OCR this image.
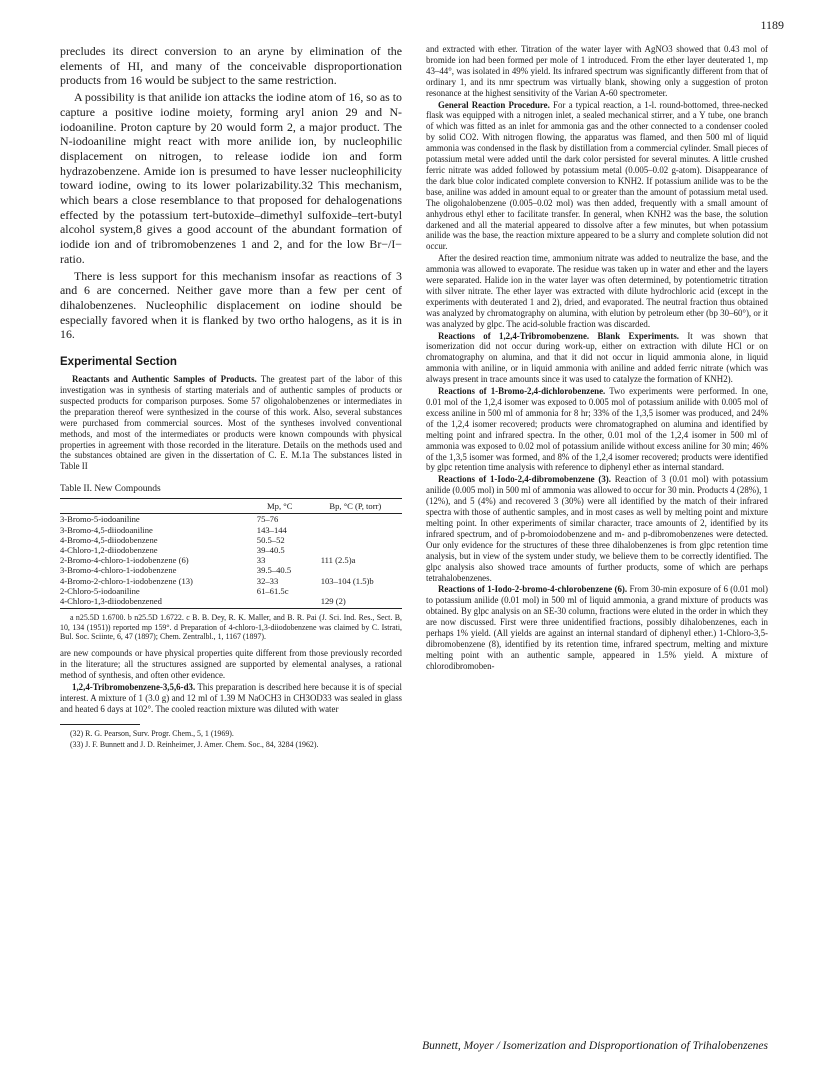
1189

precludes its direct conversion to an aryne by elimination of the elements of HI, and many of the conceivable disproportionation products from 16 would be subject to the same restriction.

A possibility is that anilide ion attacks the iodine atom of 16, so as to capture a positive iodine moiety, forming aryl anion 29 and N-iodoaniline. Proton capture by 20 would form 2, a major product. The N-iodoaniline might react with more anilide ion, by nucleophilic displacement on nitrogen, to release iodide ion and form hydrazobenzene. Amide ion is presumed to have lesser nucleophilicity toward iodine, owing to its lower polarizability.32 This mechanism, which bears a close resemblance to that proposed for dehalogenations effected by the potassium tert-butoxide–dimethyl sulfoxide–tert-butyl alcohol system,8 gives a good account of the abundant formation of iodide ion and of tribromobenzenes 1 and 2, and for the low Br−/I− ratio.

There is less support for this mechanism insofar as reactions of 3 and 6 are concerned. Neither gave more than a few per cent of dihalobenzenes. Nucleophilic displacement on iodine should be especially favored when it is flanked by two ortho halogens, as it is in 16.

Experimental Section

Reactants and Authentic Samples of Products. The greatest part of the labor of this investigation was in synthesis of starting materials and of authentic samples of products or suspected products for comparison purposes. Some 57 oligohalobenzenes or intermediates in the preparation thereof were synthesized in the course of this work. Also, several substances were purchased from commercial sources. Most of the syntheses involved conventional methods, and most of the intermediates or products were known compounds with physical properties in agreement with those recorded in the literature. Details on the methods used and the substances obtained are given in the dissertation of C. E. M.1a The substances listed in Table II

Table II. New Compounds
	Mp, °C	Bp, °C (P, torr)
3-Bromo-5-iodoaniline	75–76	
3-Bromo-4,5-diiodoaniline	143–144	
4-Bromo-4,5-diiodobenzene	50.5–52	
4-Chloro-1,2-diiodobenzene	39–40.5	
2-Bromo-4-chloro-1-iodobenzene (6)	33	111 (2.5)a
3-Bromo-4-chloro-1-iodobenzene	39.5–40.5	
4-Bromo-2-chloro-1-iodobenzene (13)	32–33	103–104 (1.5)b
2-Chloro-5-iodoaniline	61–61.5c	
4-Chloro-1,3-diiodobenzened		129 (2)

a n25.5D 1.6700. b n25.5D 1.6722. c B. B. Dey, R. K. Maller, and B. R. Pai (J. Sci. Ind. Res., Sect. B, 10, 134 (1951)) reported mp 159°. d Preparation of 4-chloro-1,3-diiodobenzene was claimed by C. Istrati, Bul. Soc. Sciinte, 6, 47 (1897); Chem. Zentralbl., 1, 1167 (1897).

are new compounds or have physical properties quite different from those previously recorded in the literature; all the structures assigned are supported by elemental analyses, a rational method of synthesis, and often other evidence.

1,2,4-Tribromobenzene-3,5,6-d3. This preparation is described here because it is of special interest. A mixture of 1 (3.0 g) and 12 ml of 1.39 M NaOCH3 in CH3OD33 was sealed in glass and heated 6 days at 102°. The cooled reaction mixture was diluted with water

(32) R. G. Pearson, Surv. Progr. Chem., 5, 1 (1969).

(33) J. F. Bunnett and J. D. Reinheimer, J. Amer. Chem. Soc., 84, 3284 (1962).

and extracted with ether. Titration of the water layer with AgNO3 showed that 0.43 mol of bromide ion had been formed per mole of 1 introduced. From the ether layer deuterated 1, mp 43–44°, was isolated in 49% yield. Its infrared spectrum was significantly different from that of ordinary 1, and its nmr spectrum was virtually blank, showing only a suggestion of proton resonance at the highest sensitivity of the Varian A-60 spectrometer.

General Reaction Procedure. For a typical reaction, a 1-l. round-bottomed, three-necked flask was equipped with a nitrogen inlet, a sealed mechanical stirrer, and a Y tube, one branch of which was fitted as an inlet for ammonia gas and the other connected to a condenser cooled by solid CO2. With nitrogen flowing, the apparatus was flamed, and then 500 ml of liquid ammonia was condensed in the flask by distillation from a commercial cylinder. Small pieces of potassium metal were added until the dark color persisted for several minutes. A little crushed ferric nitrate was added followed by potassium metal (0.005–0.02 g-atom). Disappearance of the dark blue color indicated complete conversion to KNH2. If potassium anilide was to be the base, aniline was added in amount equal to or greater than the amount of potassium metal used. The oligohalobenzene (0.005–0.02 mol) was then added, frequently with a small amount of anhydrous ethyl ether to facilitate transfer. In general, when KNH2 was the base, the solution darkened and all the material appeared to dissolve after a few minutes, but when potassium anilide was the base, the reaction mixture appeared to be a slurry and complete solution did not occur.

After the desired reaction time, ammonium nitrate was added to neutralize the base, and the ammonia was allowed to evaporate. The residue was taken up in water and ether and the layers were separated. Halide ion in the water layer was often determined, by potentiometric titration with silver nitrate. The ether layer was extracted with dilute hydrochloric acid (except in the experiments with deuterated 1 and 2), dried, and evaporated. The neutral fraction thus obtained was analyzed by chromatography on alumina, with elution by petroleum ether (bp 30–60°), or it was analyzed by glpc. The acid-soluble fraction was discarded.

Reactions of 1,2,4-Tribromobenzene. Blank Experiments. It was shown that isomerization did not occur during work-up, either on extraction with dilute HCl or on chromatography on alumina, and that it did not occur in liquid ammonia alone, in liquid ammonia with aniline, or in liquid ammonia with aniline and added ferric nitrate (which was always present in trace amounts since it was used to catalyze the formation of KNH2).

Reactions of 1-Bromo-2,4-dichlorobenzene. Two experiments were performed. In one, 0.01 mol of the 1,2,4 isomer was exposed to 0.005 mol of potassium anilide with 0.005 mol of excess aniline in 500 ml of ammonia for 8 hr; 33% of the 1,3,5 isomer was produced, and 24% of the 1,2,4 isomer recovered; products were chromatographed on alumina and identified by melting point and infrared spectra. In the other, 0.01 mol of the 1,2,4 isomer in 500 ml of ammonia was exposed to 0.02 mol of potassium anilide without excess aniline for 30 min; 46% of the 1,3,5 isomer was formed, and 8% of the 1,2,4 isomer recovered; products were identified by glpc retention time analysis with reference to diphenyl ether as internal standard.

Reactions of 1-Iodo-2,4-dibromobenzene (3). Reaction of 3 (0.01 mol) with potassium anilide (0.005 mol) in 500 ml of ammonia was allowed to occur for 30 min. Products 4 (28%), 1 (12%), and 5 (4%) and recovered 3 (30%) were all identified by the match of their infrared spectra with those of authentic samples, and in most cases as well by melting point and mixture melting point. In other experiments of similar character, trace amounts of 2, identified by its infrared spectrum, and of p-bromoiodobenzene and m- and p-dibromobenzenes were detected. Our only evidence for the structures of these three dihalobenzenes is from glpc retention time analysis, but in view of the system under study, we believe them to be correctly identified. The glpc analysis also showed trace amounts of further products, some of which are perhaps tetrahalobenzenes.

Reactions of 1-Iodo-2-bromo-4-chlorobenzene (6). From 30-min exposure of 6 (0.01 mol) to potassium anilide (0.01 mol) in 500 ml of liquid ammonia, a grand mixture of products was obtained. By glpc analysis on an SE-30 column, fractions were eluted in the order in which they are now discussed. First were three unidentified fractions, possibly dihalobenzenes, each in perhaps 1% yield. (All yields are against an internal standard of diphenyl ether.) 1-Chloro-3,5-dibromobenzene (8), identified by its retention time, infrared spectrum, melting and mixture melting point with an authentic sample, appeared in 1.5% yield. A mixture of chlorodibromoben-

Bunnett, Moyer / Isomerization and Disproportionation of Trihalobenzenes
